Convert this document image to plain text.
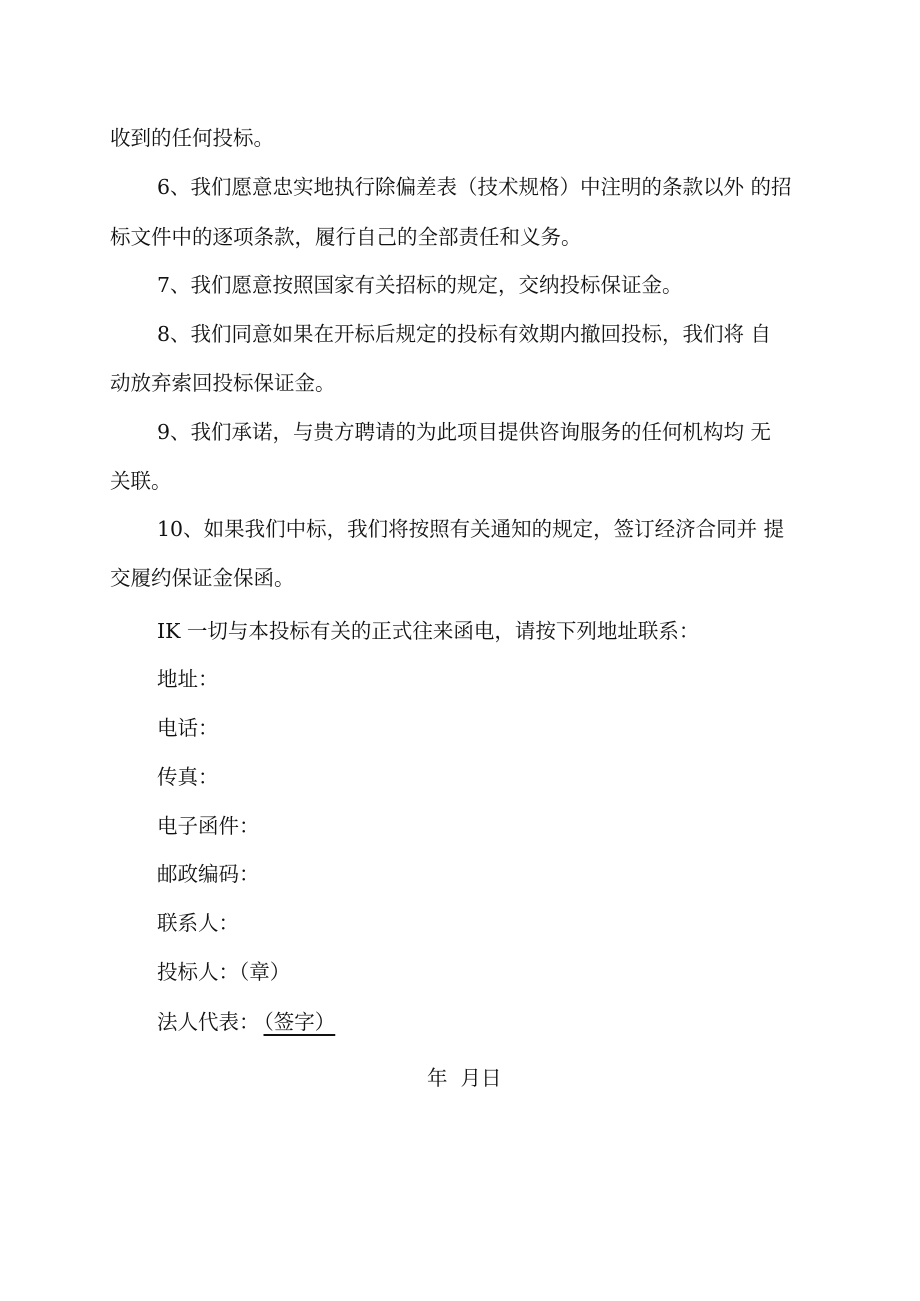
收到的任何投标。
6、我们愿意忠实地执行除偏差表（技术规格）中注明的条款以外 的招
标文件中的逐项条款，履行自己的全部责任和义务。
7、我们愿意按照国家有关招标的规定，交纳投标保证金。
8、我们同意如果在开标后规定的投标有效期内撤回投标，我们将 自
动放弃索回投标保证金。
9、我们承诺，与贵方聘请的为此项目提供咨询服务的任何机构均 无
关联。
10、如果我们中标，我们将按照有关通知的规定，签订经济合同并 提
交履约保证金保函。
IK 一切与本投标有关的正式往来函电，请按下列地址联系：
地址：
电话：
传真：
电子函件：
邮政编码：
联系人：
投标人：（章）
法人代表： （签字）
年  月日
